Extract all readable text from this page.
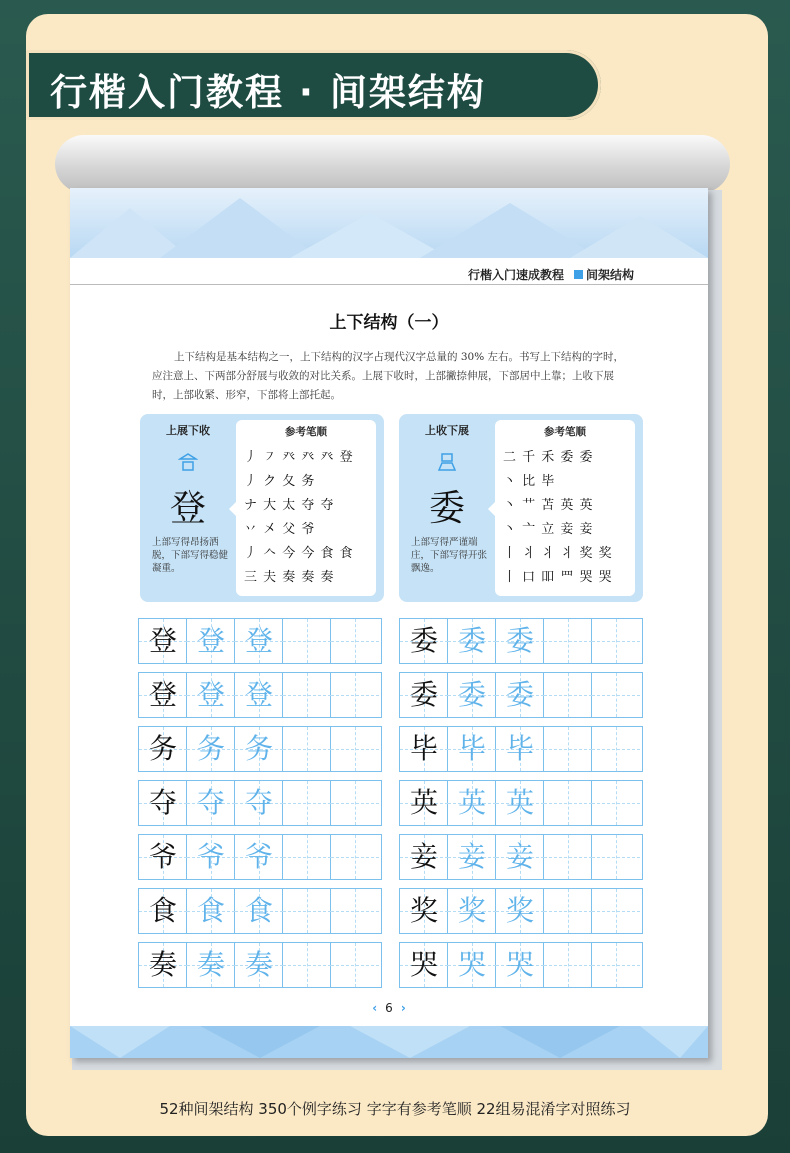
行楷入门教程 · 间架结构
行楷入门速成教程 间架结构
上下结构（一）
上下结构是基本结构之一，上下结构的汉字占现代汉字总量的 30% 左右。书写上下结构的字时，应注意上、下两部分舒展与收敛的对比关系。上展下收时，上部撇捺伸展，下部居中上靠；上收下展时，上部收紧、形窄，下部将上部托起。
上展下收
登
上部写得昂扬洒脱，下部写得稳健凝重。
参考笔顺
丿 ㇇ 癶 癶 癶 登
丿 ク 夂 务
ナ 大 太 夺 夺
丷 㐅 父 爷
丿 𠆢 今 今 食 食
三 夫 奏 奏 奏
上收下展
委
上部写得严谨端庄，下部写得开张飘逸。
参考笔顺
二 千 禾 委 委
丶 比 毕
丶 艹 苫 英 英
丶 亠 立 妾 妾
丨 丬 丬 丬 奖 奖
丨 口 吅 罒 哭 哭
登 登 登
登 登 登
务 务 务
夺 夺 夺
爷 爷 爷
食 食 食
奏 奏 奏
委 委 委
委 委 委
毕 毕 毕
英 英 英
妾 妾 妾
奖 奖 奖
哭 哭 哭
‹ 6 ›
52种间架结构 350个例字练习 字字有参考笔顺 22组易混淆字对照练习
